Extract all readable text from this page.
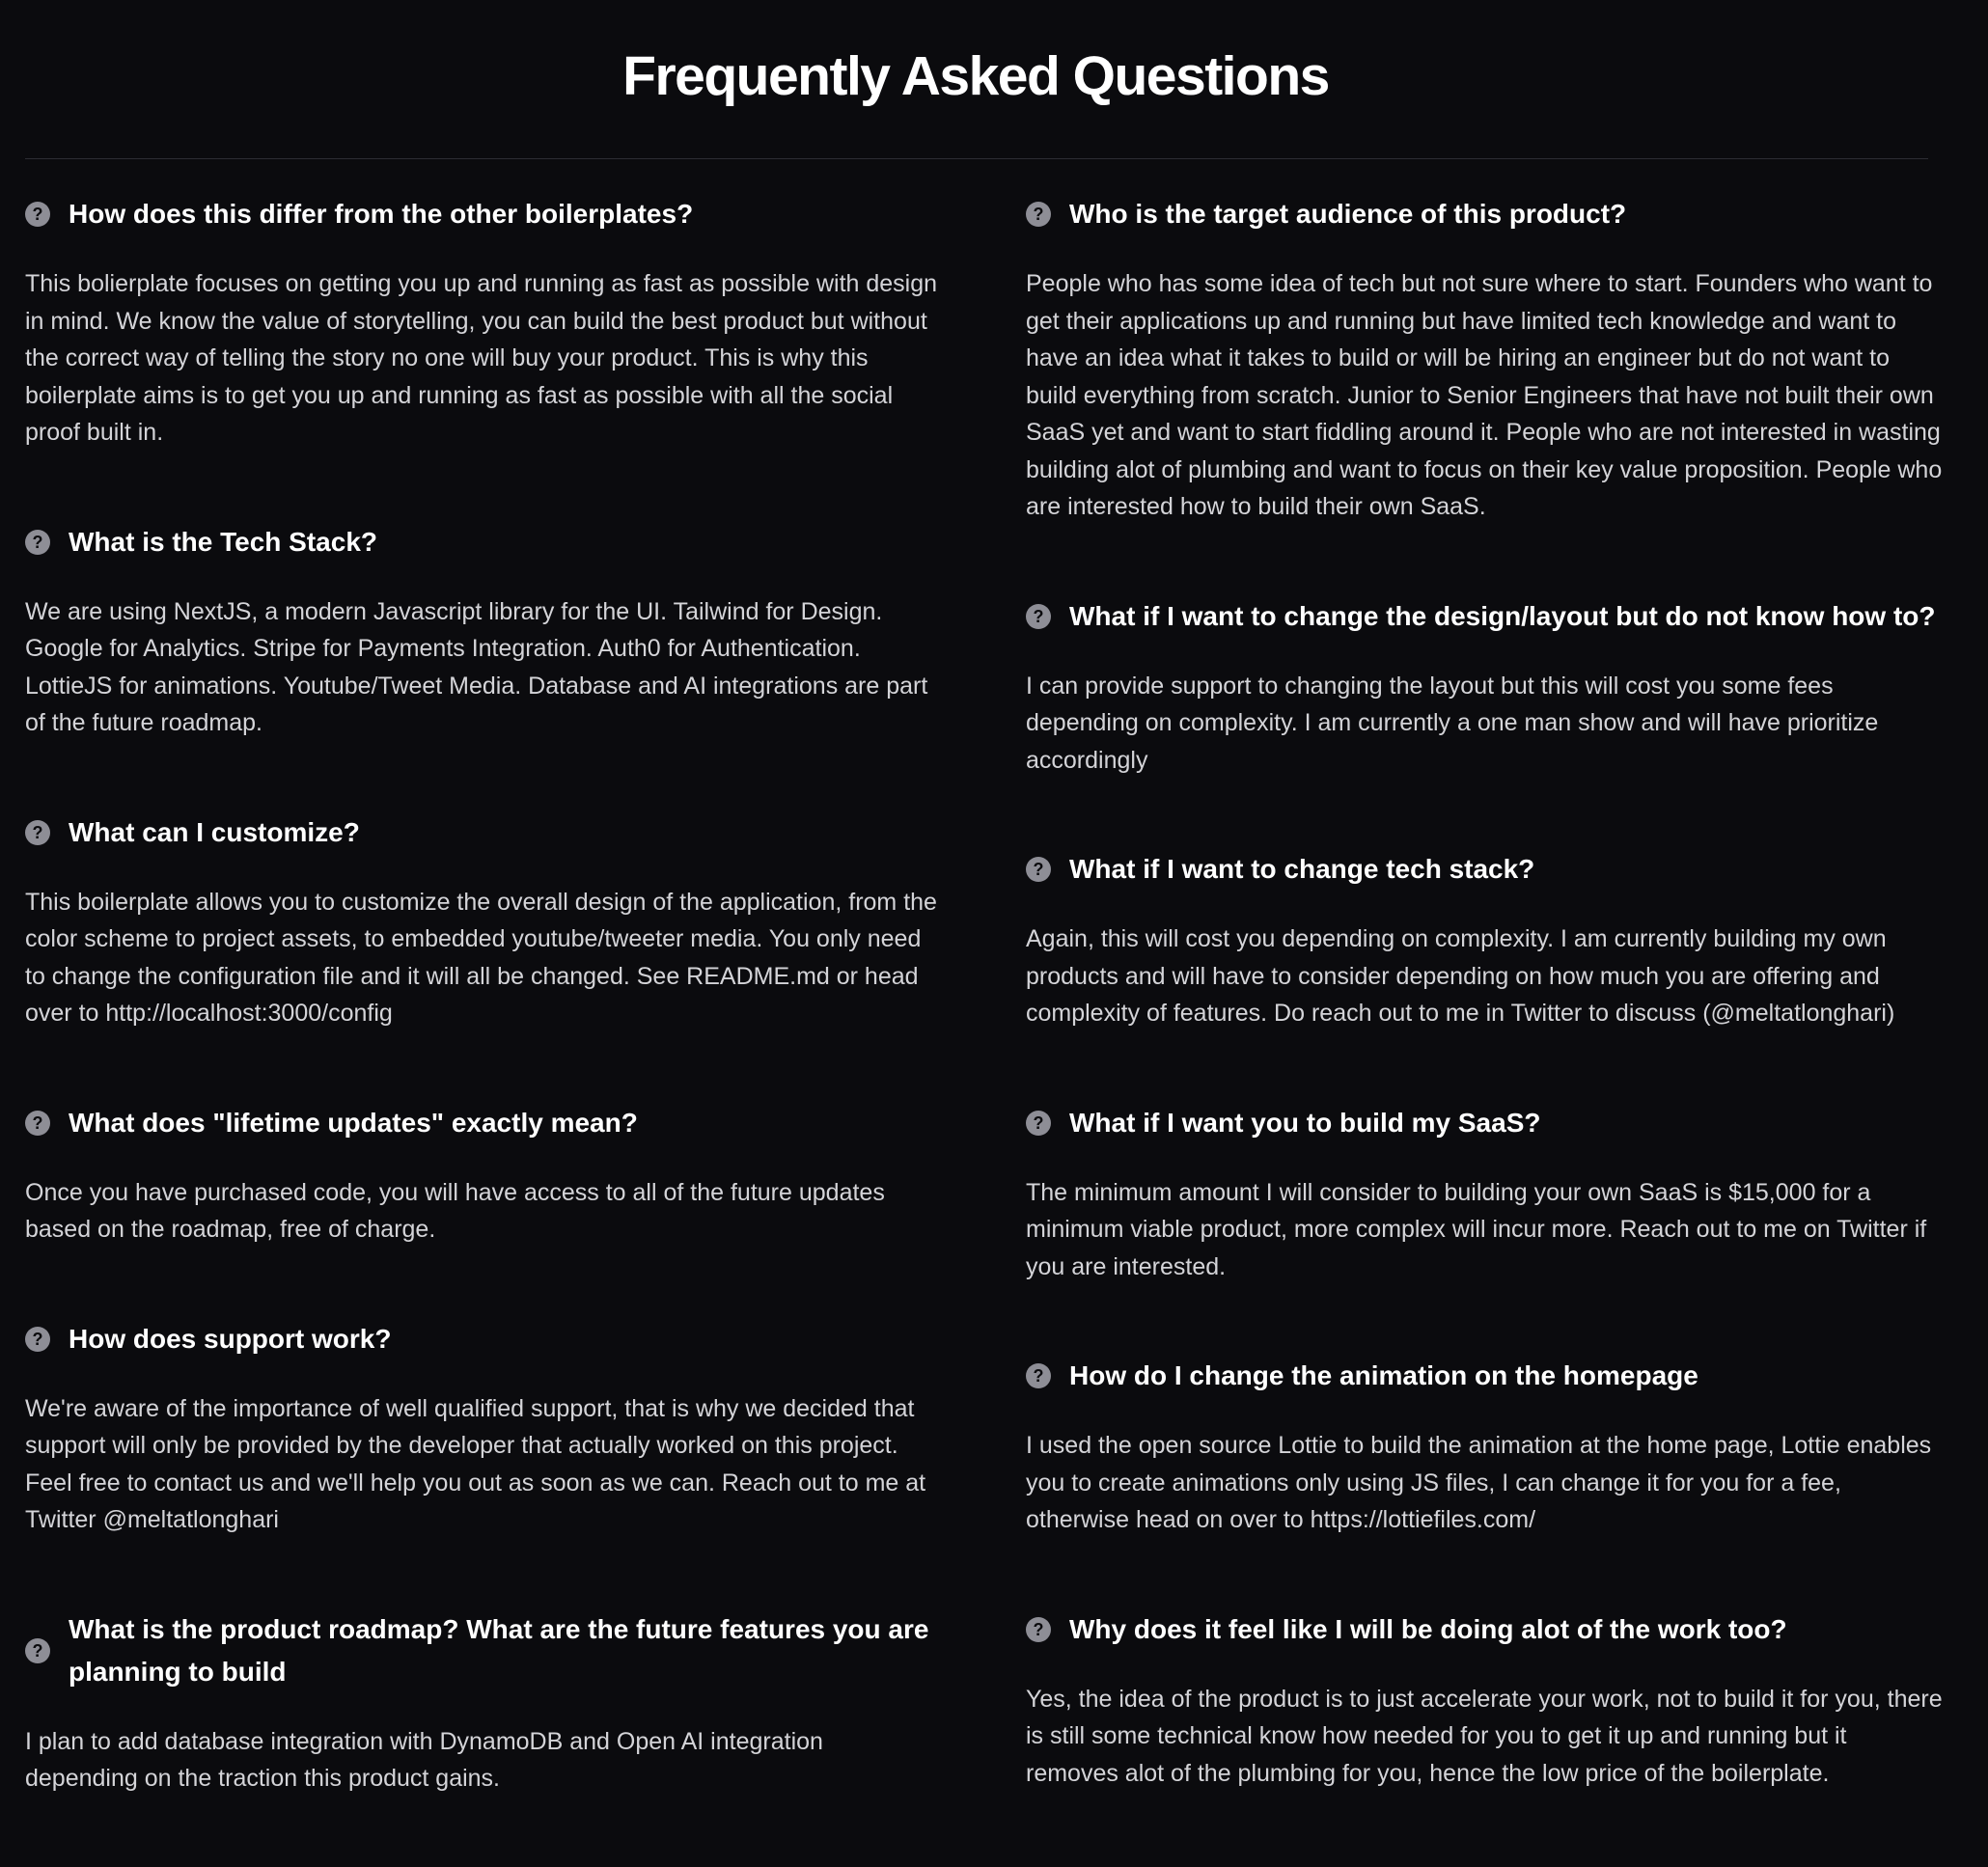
Frequently Asked Questions
? How does this differ from the other boilerplates?

This bolierplate focuses on getting you up and running as fast as possible with design in mind. We know the value of storytelling, you can build the best product but without the correct way of telling the story no one will buy your product. This is why this boilerplate aims is to get you up and running as fast as possible with all the social proof built in.

? What is the Tech Stack?

We are using NextJS, a modern Javascript library for the UI. Tailwind for Design. Google for Analytics. Stripe for Payments Integration. Auth0 for Authentication. LottieJS for animations. Youtube/Tweet Media. Database and AI integrations are part of the future roadmap.

? What can I customize?

This boilerplate allows you to customize the overall design of the application, from the color scheme to project assets, to embedded youtube/tweeter media. You only need to change the configuration file and it will all be changed. See README.md or head over to http://localhost:3000/config

? What does "lifetime updates" exactly mean?

Once you have purchased code, you will have access to all of the future updates based on the roadmap, free of charge.

? How does support work?

We're aware of the importance of well qualified support, that is why we decided that support will only be provided by the developer that actually worked on this project. Feel free to contact us and we'll help you out as soon as we can. Reach out to me at Twitter @meltatlonghari

?
What is the product roadmap? What are the future features you are planning to build

I plan to add database integration with DynamoDB and Open AI integration depending on the traction this product gains.

? Who is the target audience of this product?

People who has some idea of tech but not sure where to start. Founders who want to get their applications up and running but have limited tech knowledge and want to have an idea what it takes to build or will be hiring an engineer but do not want to build everything from scratch. Junior to Senior Engineers that have not built their own SaaS yet and want to start fiddling around it. People who are not interested in wasting building alot of plumbing and want to focus on their key value proposition. People who are interested how to build their own SaaS.

? What if I want to change the design/layout but do not know how to?

I can provide support to changing the layout but this will cost you some fees depending on complexity. I am currently a one man show and will have prioritize accordingly

? What if I want to change tech stack?

Again, this will cost you depending on complexity. I am currently building my own products and will have to consider depending on how much you are offering and complexity of features. Do reach out to me in Twitter to discuss (@meltatlonghari)

? What if I want you to build my SaaS?

The minimum amount I will consider to building your own SaaS is $15,000 for a minimum viable product, more complex will incur more. Reach out to me on Twitter if you are interested.

? How do I change the animation on the homepage

I used the open source Lottie to build the animation at the home page, Lottie enables you to create animations only using JS files, I can change it for you for a fee, otherwise head on over to https://lottiefiles.com/

? Why does it feel like I will be doing alot of the work too?

Yes, the idea of the product is to just accelerate your work, not to build it for you, there is still some technical know how needed for you to get it up and running but it removes alot of the plumbing for you, hence the low price of the boilerplate.
